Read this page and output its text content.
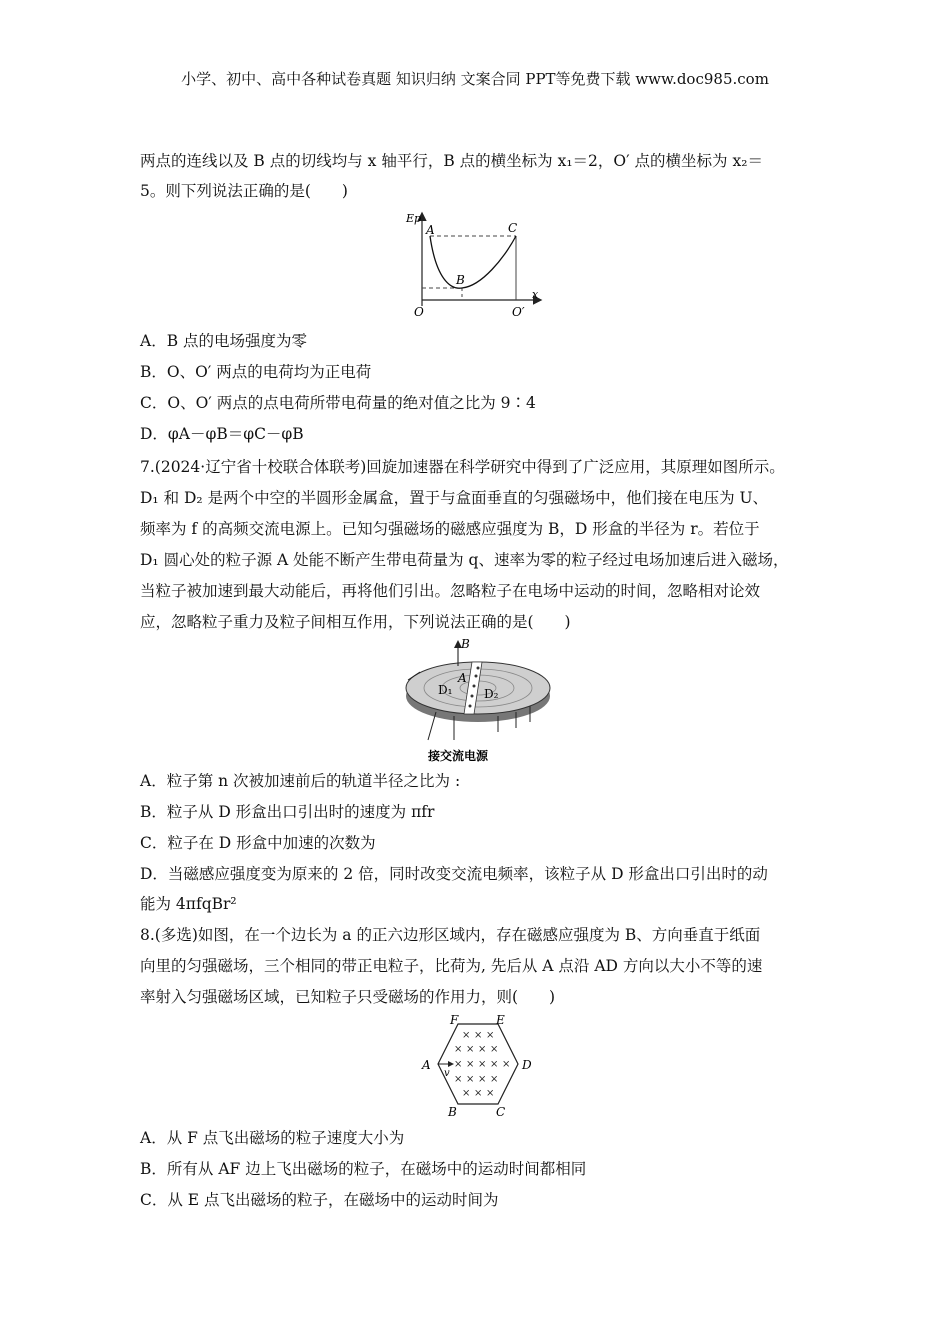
小学、初中、高中各种试卷真题 知识归纳 文案合同 PPT等免费下载 www.doc985.com
两点的连线以及 B 点的切线均与 x 轴平行，B 点的横坐标为 x₁＝2，O′ 点的横坐标为 x₂＝
5。则下列说法正确的是(　　)
Ep
A
B
C
O	O′
x
A．B 点的电场强度为零
B．O、O′ 两点的电荷均为正电荷
C．O、O′ 两点的点电荷所带电荷量的绝对值之比为 9∶4
D．φA－φB＝φC－φB
7.(2024·辽宁省十校联合体联考)回旋加速器在科学研究中得到了广泛应用，其原理如图所示。
D₁ 和 D₂ 是两个中空的半圆形金属盒，置于与盒面垂直的匀强磁场中，他们接在电压为 U、
频率为 f 的高频交流电源上。已知匀强磁场的磁感应强度为 B，D 形盒的半径为 r。若位于
D₁ 圆心处的粒子源 A 处能不断产生带电荷量为 q、速率为零的粒子经过电场加速后进入磁场，
当粒子被加速到最大动能后，再将他们引出。忽略粒子在电场中运动的时间，忽略相对论效
应，忽略粒子重力及粒子间相互作用，下列说法正确的是(　　)
B
A
D₁	D₂
接交流电源
A．粒子第 n 次被加速前后的轨道半径之比为 :
B．粒子从 D 形盒出口引出时的速度为 πfr
C．粒子在 D 形盒中加速的次数为
D．当磁感应强度变为原来的 2 倍，同时改变交流电频率，该粒子从 D 形盒出口引出时的动
能为 4πfqBr²
8.(多选)如图，在一个边长为 a 的正六边形区域内，存在磁感应强度为 B、方向垂直于纸面
向里的匀强磁场，三个相同的带正电粒子，比荷为, 先后从 A 点沿 AD 方向以大小不等的速
率射入匀强磁场区域，已知粒子只受磁场的作用力，则(　　)
F	E
A	D
B	C
v
× × ×
× × × ×
× × × × ×
× × × ×
× × ×
A．从 F 点飞出磁场的粒子速度大小为
B．所有从 AF 边上飞出磁场的粒子，在磁场中的运动时间都相同
C．从 E 点飞出磁场的粒子，在磁场中的运动时间为
